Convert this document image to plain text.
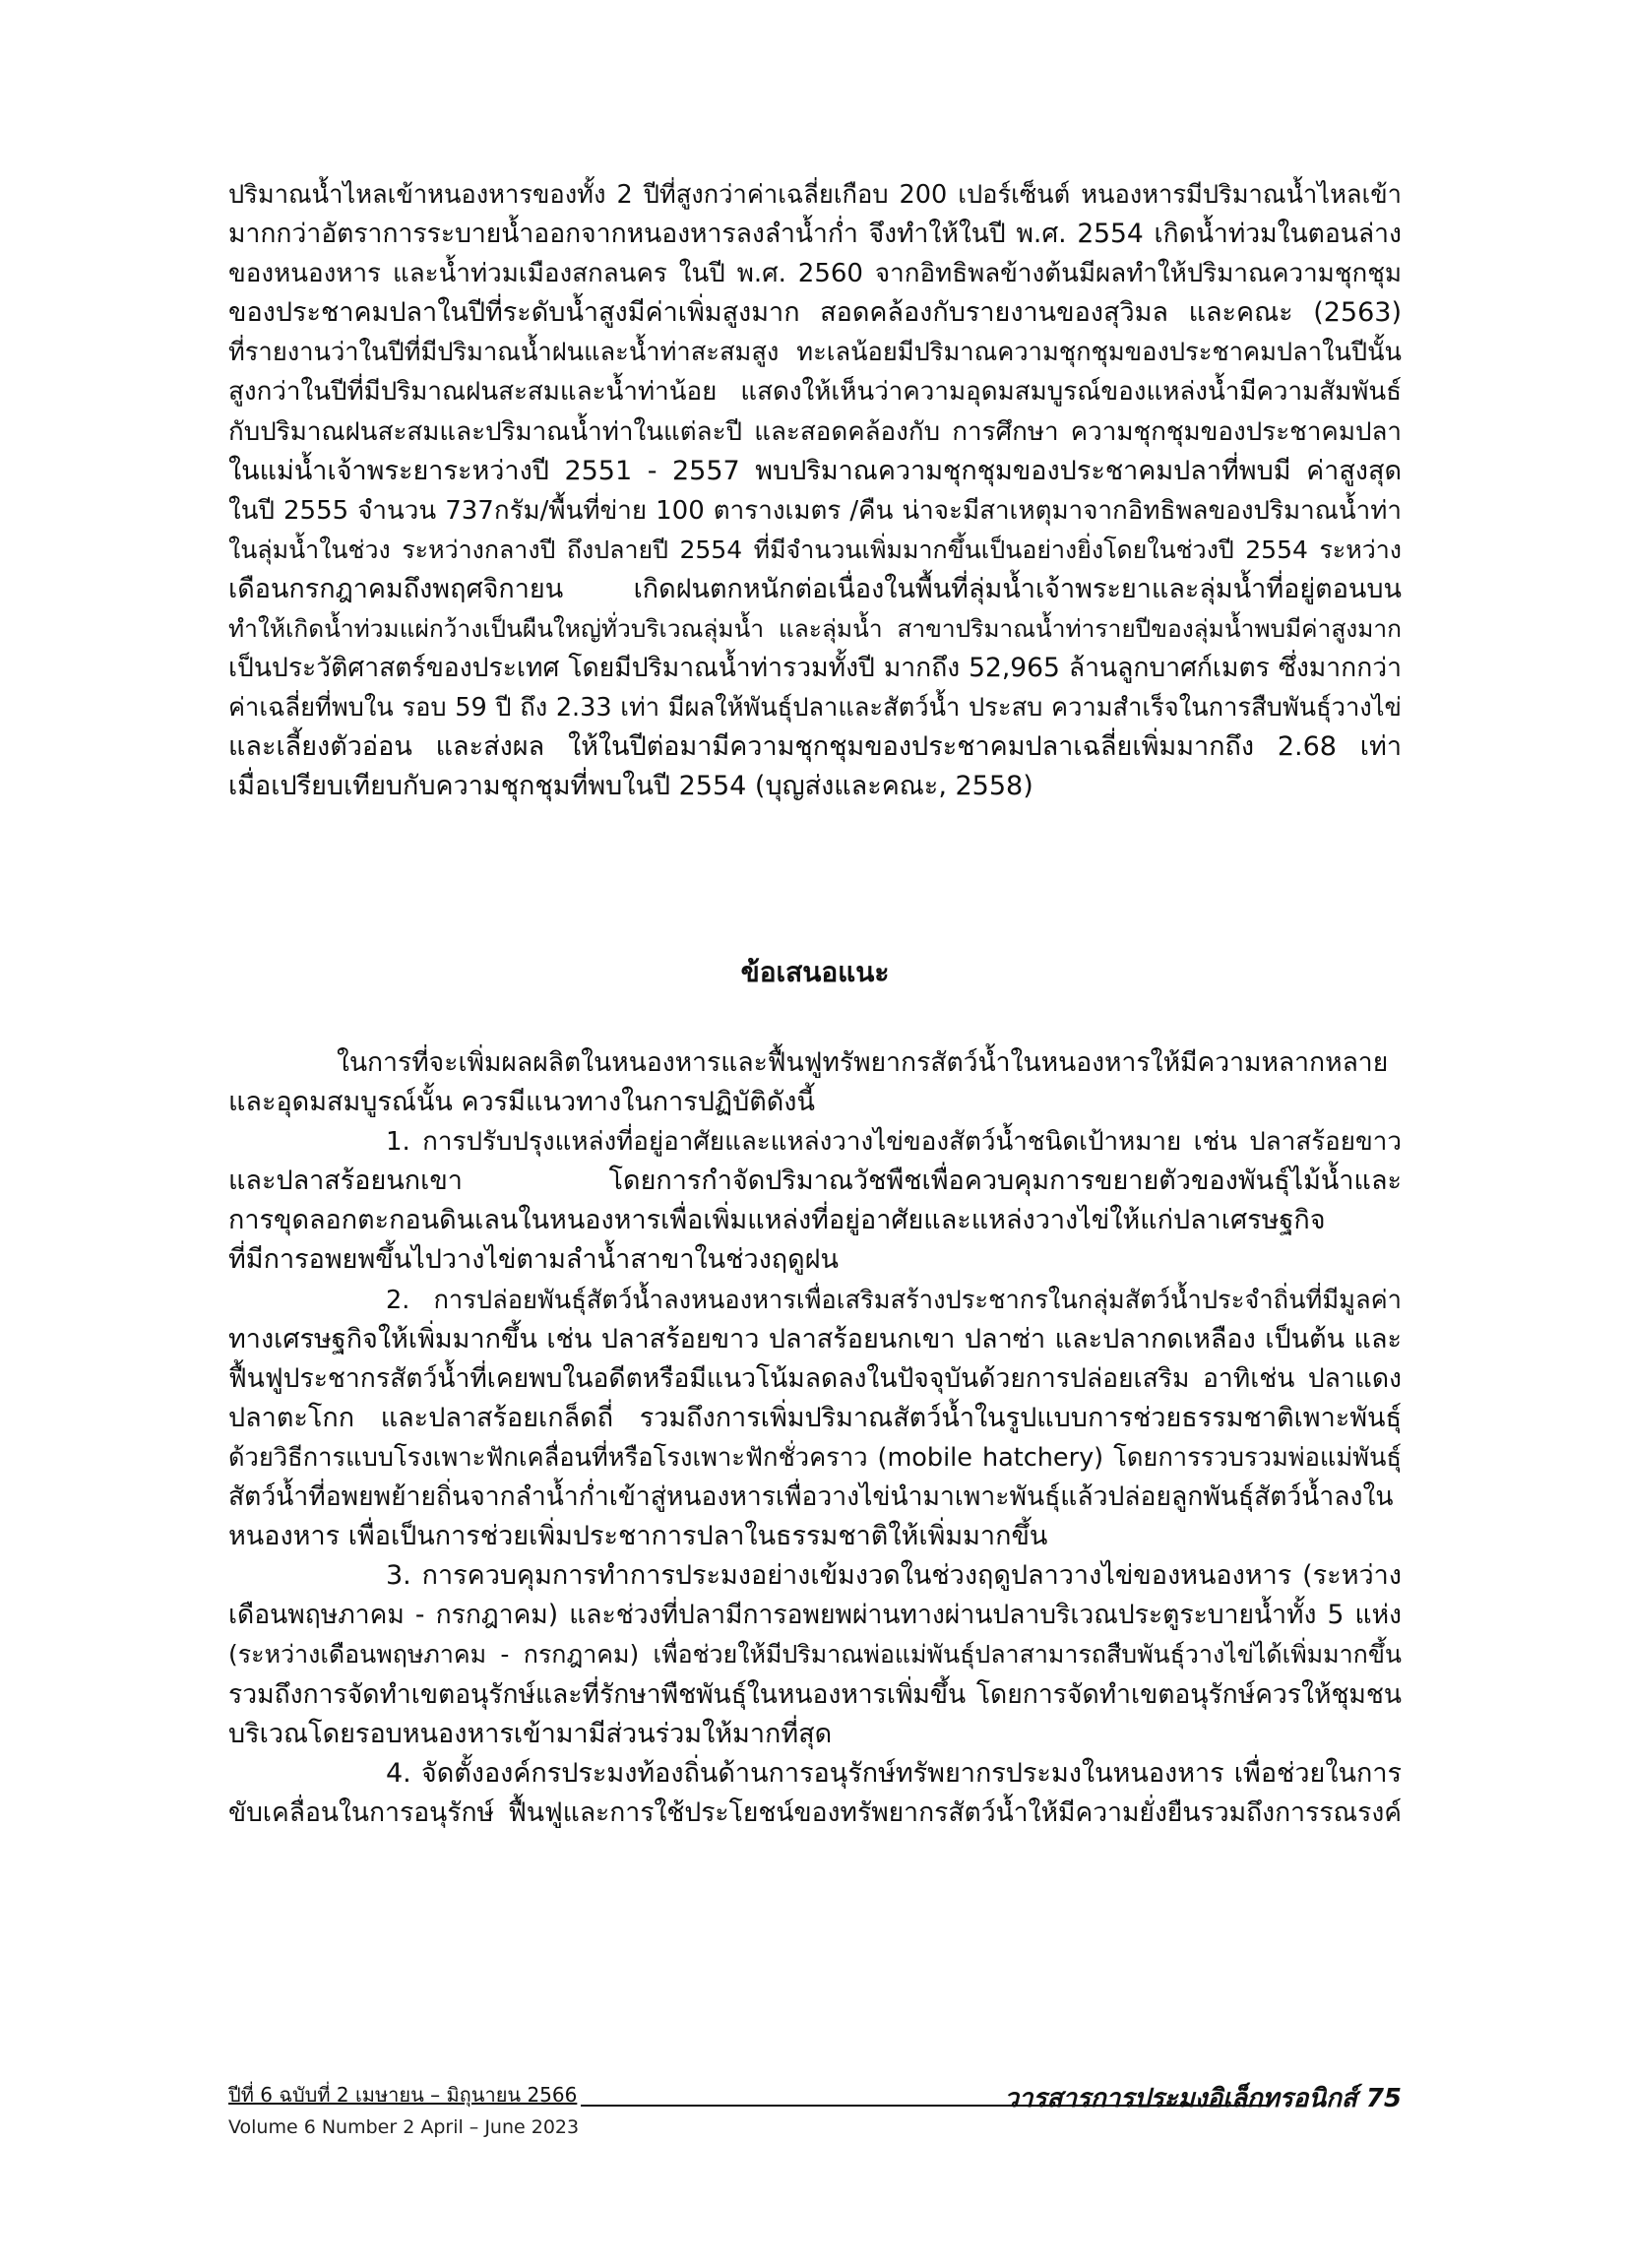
ปริมาณน้ำไหลเข้าหนองหารของทั้ง 2 ปีที่สูงกว่าค่าเฉลี่ยเกือบ 200 เปอร์เซ็นต์ หนองหารมีปริมาณน้ำไหลเข้า
มากกว่าอัตราการระบายน้ำออกจากหนองหารลงลำน้ำก่ำ จึงทำให้ในปี พ.ศ. 2554 เกิดน้ำท่วมในตอนล่าง
ของหนองหาร และน้ำท่วมเมืองสกลนคร ในปี พ.ศ. 2560 จากอิทธิพลข้างต้นมีผลทำให้ปริมาณความชุกชุม
ของประชาคมปลาในปีที่ระดับน้ำสูงมีค่าเพิ่มสูงมาก สอดคล้องกับรายงานของสุวิมล และคณะ (2563)
ที่รายงานว่าในปีที่มีปริมาณน้ำฝนและน้ำท่าสะสมสูง ทะเลน้อยมีปริมาณความชุกชุมของประชาคมปลาในปีนั้น
สูงกว่าในปีที่มีปริมาณฝนสะสมและน้ำท่าน้อย แสดงให้เห็นว่าความอุดมสมบูรณ์ของแหล่งน้ำมีความสัมพันธ์
กับปริมาณฝนสะสมและปริมาณน้ำท่าในแต่ละปี และสอดคล้องกับ การศึกษา ความชุกชุมของประชาคมปลา
ในแม่น้ำเจ้าพระยาระหว่างปี 2551 - 2557 พบปริมาณความชุกชุมของประชาคมปลาที่พบมี ค่าสูงสุด
ในปี 2555 จำนวน 737กรัม/พื้นที่ข่าย 100 ตารางเมตร /คืน น่าจะมีสาเหตุมาจากอิทธิพลของปริมาณน้ำท่า
ในลุ่มน้ำในช่วง ระหว่างกลางปี ถึงปลายปี 2554 ที่มีจำนวนเพิ่มมากขึ้นเป็นอย่างยิ่งโดยในช่วงปี 2554 ระหว่าง
เดือนกรกฎาคมถึงพฤศจิกายน เกิดฝนตกหนักต่อเนื่องในพื้นที่ลุ่มน้ำเจ้าพระยาและลุ่มน้ำที่อยู่ตอนบน
ทำให้เกิดน้ำท่วมแผ่กว้างเป็นผืนใหญ่ทั่วบริเวณลุ่มน้ำ และลุ่มน้ำ สาขาปริมาณน้ำท่ารายปีของลุ่มน้ำพบมีค่าสูงมาก
เป็นประวัติศาสตร์ของประเทศ โดยมีปริมาณน้ำท่ารวมทั้งปี มากถึง 52,965 ล้านลูกบาศก์เมตร ซึ่งมากกว่า
ค่าเฉลี่ยที่พบใน รอบ 59 ปี ถึง 2.33 เท่า มีผลให้พันธุ์ปลาและสัตว์น้ำ ประสบ ความสำเร็จในการสืบพันธุ์วางไข่
และเลี้ยงตัวอ่อน และส่งผล ให้ในปีต่อมามีความชุกชุมของประชาคมปลาเฉลี่ยเพิ่มมากถึง 2.68 เท่า
เมื่อเปรียบเทียบกับความชุกชุมที่พบในปี 2554 (บุญส่งและคณะ, 2558)
ข้อเสนอแนะ
ในการที่จะเพิ่มผลผลิตในหนองหารและฟื้นฟูทรัพยากรสัตว์น้ำในหนองหารให้มีความหลากหลาย
และอุดมสมบูรณ์นั้น ควรมีแนวทางในการปฏิบัติดังนี้
1. การปรับปรุงแหล่งที่อยู่อาศัยและแหล่งวางไข่ของสัตว์น้ำชนิดเป้าหมาย เช่น ปลาสร้อยขาว
และปลาสร้อยนกเขา โดยการกำจัดปริมาณวัชพืชเพื่อควบคุมการขยายตัวของพันธุ์ไม้น้ำและ
การขุดลอกตะกอนดินเลนในหนองหารเพื่อเพิ่มแหล่งที่อยู่อาศัยและแหล่งวางไข่ให้แก่ปลาเศรษฐกิจ
ที่มีการอพยพขึ้นไปวางไข่ตามลำน้ำสาขาในช่วงฤดูฝน
2. การปล่อยพันธุ์สัตว์น้ำลงหนองหารเพื่อเสริมสร้างประชากรในกลุ่มสัตว์น้ำประจำถิ่นที่มีมูลค่า
ทางเศรษฐกิจให้เพิ่มมากขึ้น เช่น ปลาสร้อยขาว ปลาสร้อยนกเขา ปลาซ่า และปลากดเหลือง เป็นต้น และ
ฟื้นฟูประชากรสัตว์น้ำที่เคยพบในอดีตหรือมีแนวโน้มลดลงในปัจจุบันด้วยการปล่อยเสริม อาทิเช่น ปลาแดง
ปลาตะโกก และปลาสร้อยเกล็ดถี่ รวมถึงการเพิ่มปริมาณสัตว์น้ำในรูปแบบการช่วยธรรมชาติเพาะพันธุ์
ด้วยวิธีการแบบโรงเพาะฟักเคลื่อนที่หรือโรงเพาะฟักชั่วคราว (mobile hatchery) โดยการรวบรวมพ่อแม่พันธุ์
สัตว์น้ำที่อพยพย้ายถิ่นจากลำน้ำก่ำเข้าสู่หนองหารเพื่อวางไข่นำมาเพาะพันธุ์แล้วปล่อยลูกพันธุ์สัตว์น้ำลงใน
หนองหาร เพื่อเป็นการช่วยเพิ่มประชาการปลาในธรรมชาติให้เพิ่มมากขึ้น
3. การควบคุมการทำการประมงอย่างเข้มงวดในช่วงฤดูปลาวางไข่ของหนองหาร (ระหว่าง
เดือนพฤษภาคม - กรกฎาคม) และช่วงที่ปลามีการอพยพผ่านทางผ่านปลาบริเวณประตูระบายน้ำทั้ง 5 แห่ง
(ระหว่างเดือนพฤษภาคม - กรกฎาคม) เพื่อช่วยให้มีปริมาณพ่อแม่พันธุ์ปลาสามารถสืบพันธุ์วางไข่ได้เพิ่มมากขึ้น
รวมถึงการจัดทำเขตอนุรักษ์และที่รักษาพืชพันธุ์ในหนองหารเพิ่มขึ้น โดยการจัดทำเขตอนุรักษ์ควรให้ชุมชน
บริเวณโดยรอบหนองหารเข้ามามีส่วนร่วมให้มากที่สุด
4. จัดตั้งองค์กรประมงท้องถิ่นด้านการอนุรักษ์ทรัพยากรประมงในหนองหาร เพื่อช่วยในการ
ขับเคลื่อนในการอนุรักษ์ ฟื้นฟูและการใช้ประโยชน์ของทรัพยากรสัตว์น้ำให้มีความยั่งยืนรวมถึงการรณรงค์
ปีที่ 6 ฉบับที่ 2 เมษายน – มิถุนายน 2566
Volume 6 Number 2 April – June 2023
วารสารการประมงอิเล็กทรอนิกส์ 75
